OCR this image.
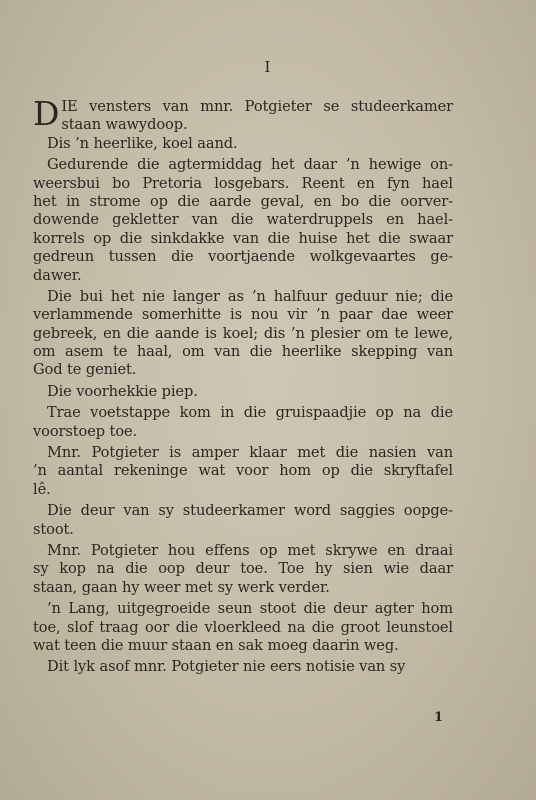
I
D IE vensters van mnr. Potgieter se studeerkamer
staan wawydoop.
Dis ’n heerlike, koel aand.
Gedurende die agtermiddag het daar ’n hewige on-
weersbui bo Pretoria losgebars. Reent en fyn hael
het in strome op die aarde geval, en bo die oorver-
dowende gekletter van die waterdruppels en hael-
korrels op die sinkdakke van die huise het die swaar
gedreun tussen die voortjaende wolkgevaartes ge-
dawer.
Die bui het nie langer as ’n halfuur geduur nie; die
verlammende somerhitte is nou vir ’n paar dae weer
gebreek, en die aande is koel; dis ’n plesier om te lewe,
om asem te haal, om van die heerlike skepping van
God te geniet.
Die voorhekkie piep.
Trae voetstappe kom in die gruispaadjie op na die
voorstoep toe.
Mnr. Potgieter is amper klaar met die nasien van
’n aantal rekeninge wat voor hom op die skryftafel
lê.
Die deur van sy studeerkamer word saggies oopge-
stoot.
Mnr. Potgieter hou effens op met skrywe en draai
sy kop na die oop deur toe. Toe hy sien wie daar
staan, gaan hy weer met sy werk verder.
’n Lang, uitgegroeide seun stoot die deur agter hom
toe, slof traag oor die vloerkleed na die groot leunstoel
wat teen die muur staan en sak moeg daarin weg.
Dit lyk asof mnr. Potgieter nie eers notisie van sy
1
